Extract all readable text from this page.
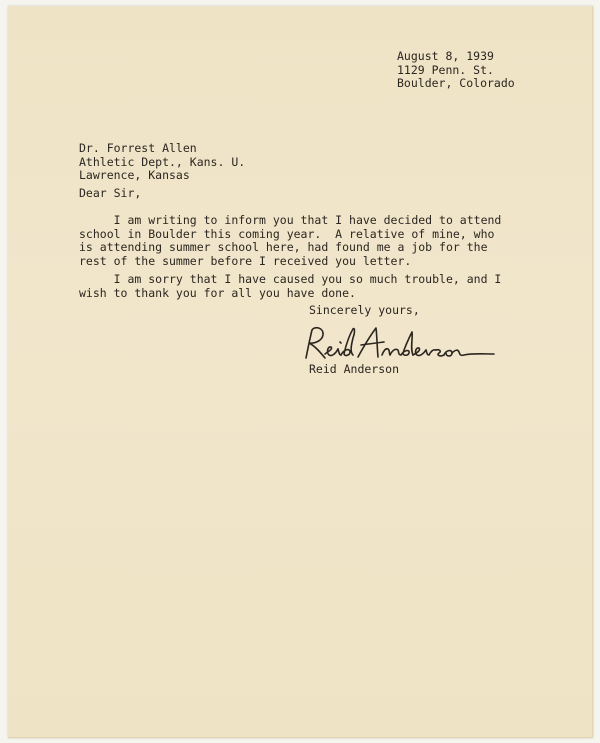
August 8, 1939
1129 Penn. St.
Boulder, Colorado
Dr. Forrest Allen
Athletic Dept., Kans. U.
Lawrence, Kansas
Dear Sir,
I am writing to inform you that I have decided to attend
school in Boulder this coming year.  A relative of mine, who
is attending summer school here, had found me a job for the
rest of the summer before I received you letter.
I am sorry that I have caused you so much trouble, and I
wish to thank you for all you have done.
Sincerely yours,
Reid Anderson
